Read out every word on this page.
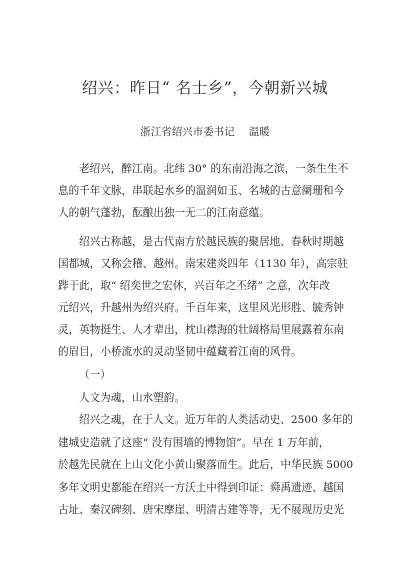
绍兴：昨日“ 名士乡”，今朝新兴城
浙江省绍兴市委书记 温暖
老绍兴，醉江南。北纬 30° 的东南沿海之滨，一条生生不
息的千年文脉，串联起水乡的温润如玉、名城的古意阑珊和今
人的朝气蓬勃，酝酿出独一无二的江南意蕴。
绍兴古称越，是古代南方於越民族的聚居地、春秋时期越
国都城，又称会稽、越州。南宋建炎四年（1130 年），高宗驻
跸于此，取“ 绍奕世之宏休，兴百年之丕绪” 之意，次年改
元绍兴，升越州为绍兴府。千百年来，这里风光形胜、毓秀钟
灵，英物挺生、人才辈出，枕山襟海的壮阔格局里展露着东南
的眉目，小桥流水的灵动坚韧中蕴藏着江南的风骨。
（一）
人文为魂，山水塑韵。
绍兴之魂，在于人文。近万年的人类活动史、2500 多年的
建城史造就了这座“ 没有围墙的博物馆”。早在 1 万年前，
於越先民就在上山文化小黄山聚落而生。此后，中华民族 5000
多年文明史都能在绍兴一方沃土中得到印证：舜禹遗迹、越国
古址、秦汉碑刻、唐宋摩崖、明清古建等等，无不展现历史光
